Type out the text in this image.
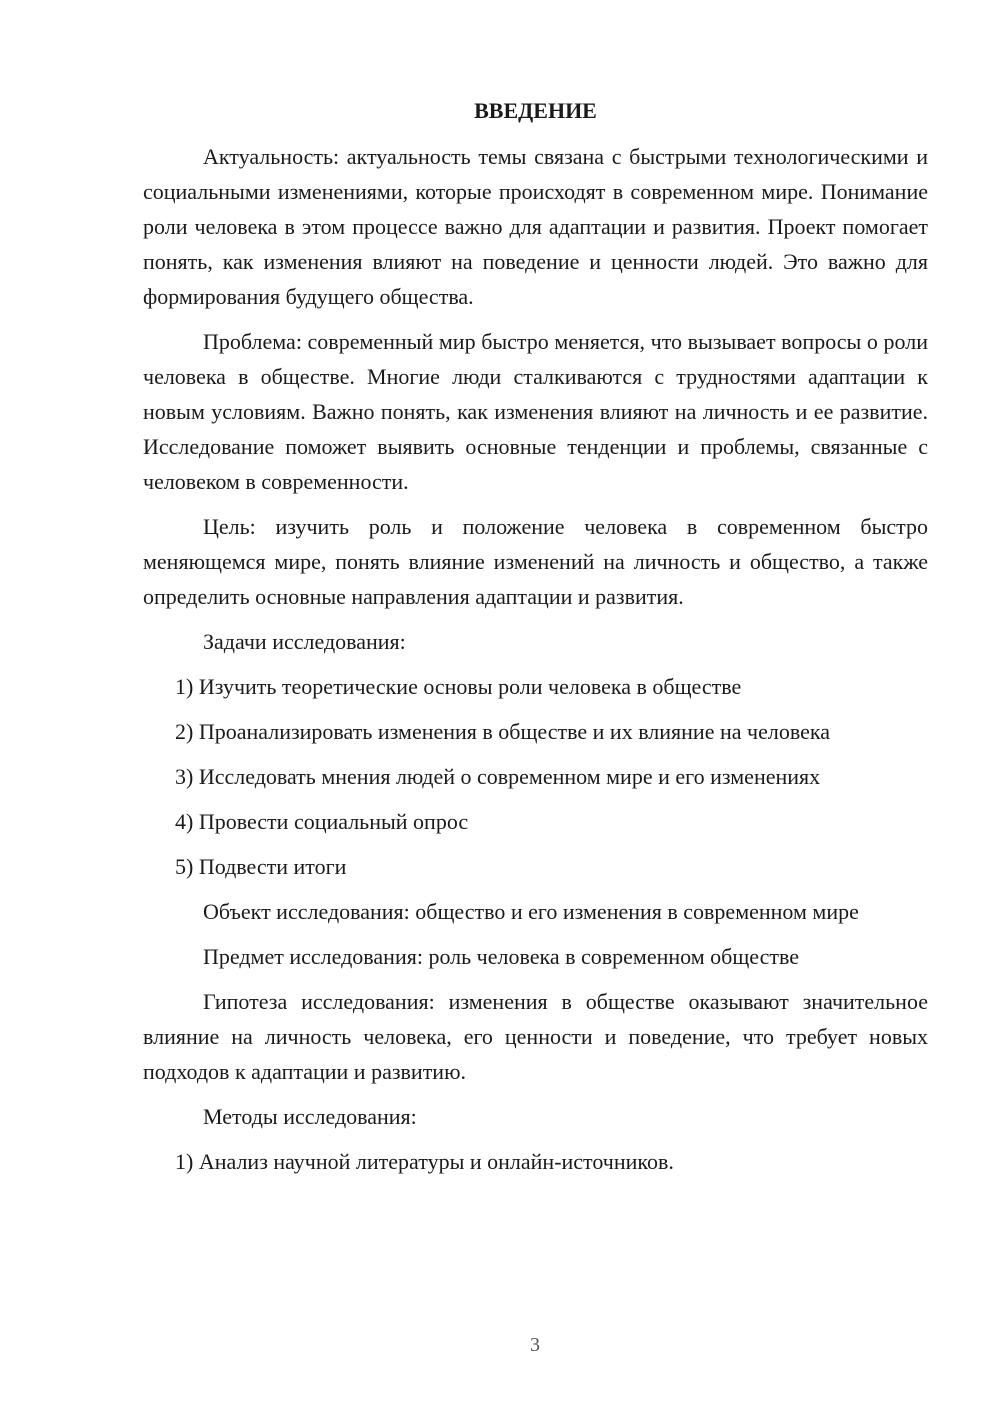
ВВЕДЕНИЕ

Актуальность: актуальность темы связана с быстрыми технологическими и социальными изменениями, которые происходят в современном мире. Понимание роли человека в этом процессе важно для адаптации и развития. Проект помогает понять, как изменения влияют на поведение и ценности людей. Это важно для формирования будущего общества.

Проблема: современный мир быстро меняется, что вызывает вопросы о роли человека в обществе. Многие люди сталкиваются с трудностями адаптации к новым условиям. Важно понять, как изменения влияют на личность и ее развитие. Исследование поможет выявить основные тенденции и проблемы, связанные с человеком в современности.

Цель: изучить роль и положение человека в современном быстро меняющемся мире, понять влияние изменений на личность и общество, а также определить основные направления адаптации и развития.

Задачи исследования:
1) Изучить теоретические основы роли человека в обществе
2) Проанализировать изменения в обществе и их влияние на человека
3) Исследовать мнения людей о современном мире и его изменениях
4) Провести социальный опрос
5) Подвести итоги

Объект исследования: общество и его изменения в современном мире

Предмет исследования: роль человека в современном обществе

Гипотеза исследования: изменения в обществе оказывают значительное влияние на личность человека, его ценности и поведение, что требует новых подходов к адаптации и развитию.

Методы исследования:
1) Анализ научной литературы и онлайн-источников.
3
